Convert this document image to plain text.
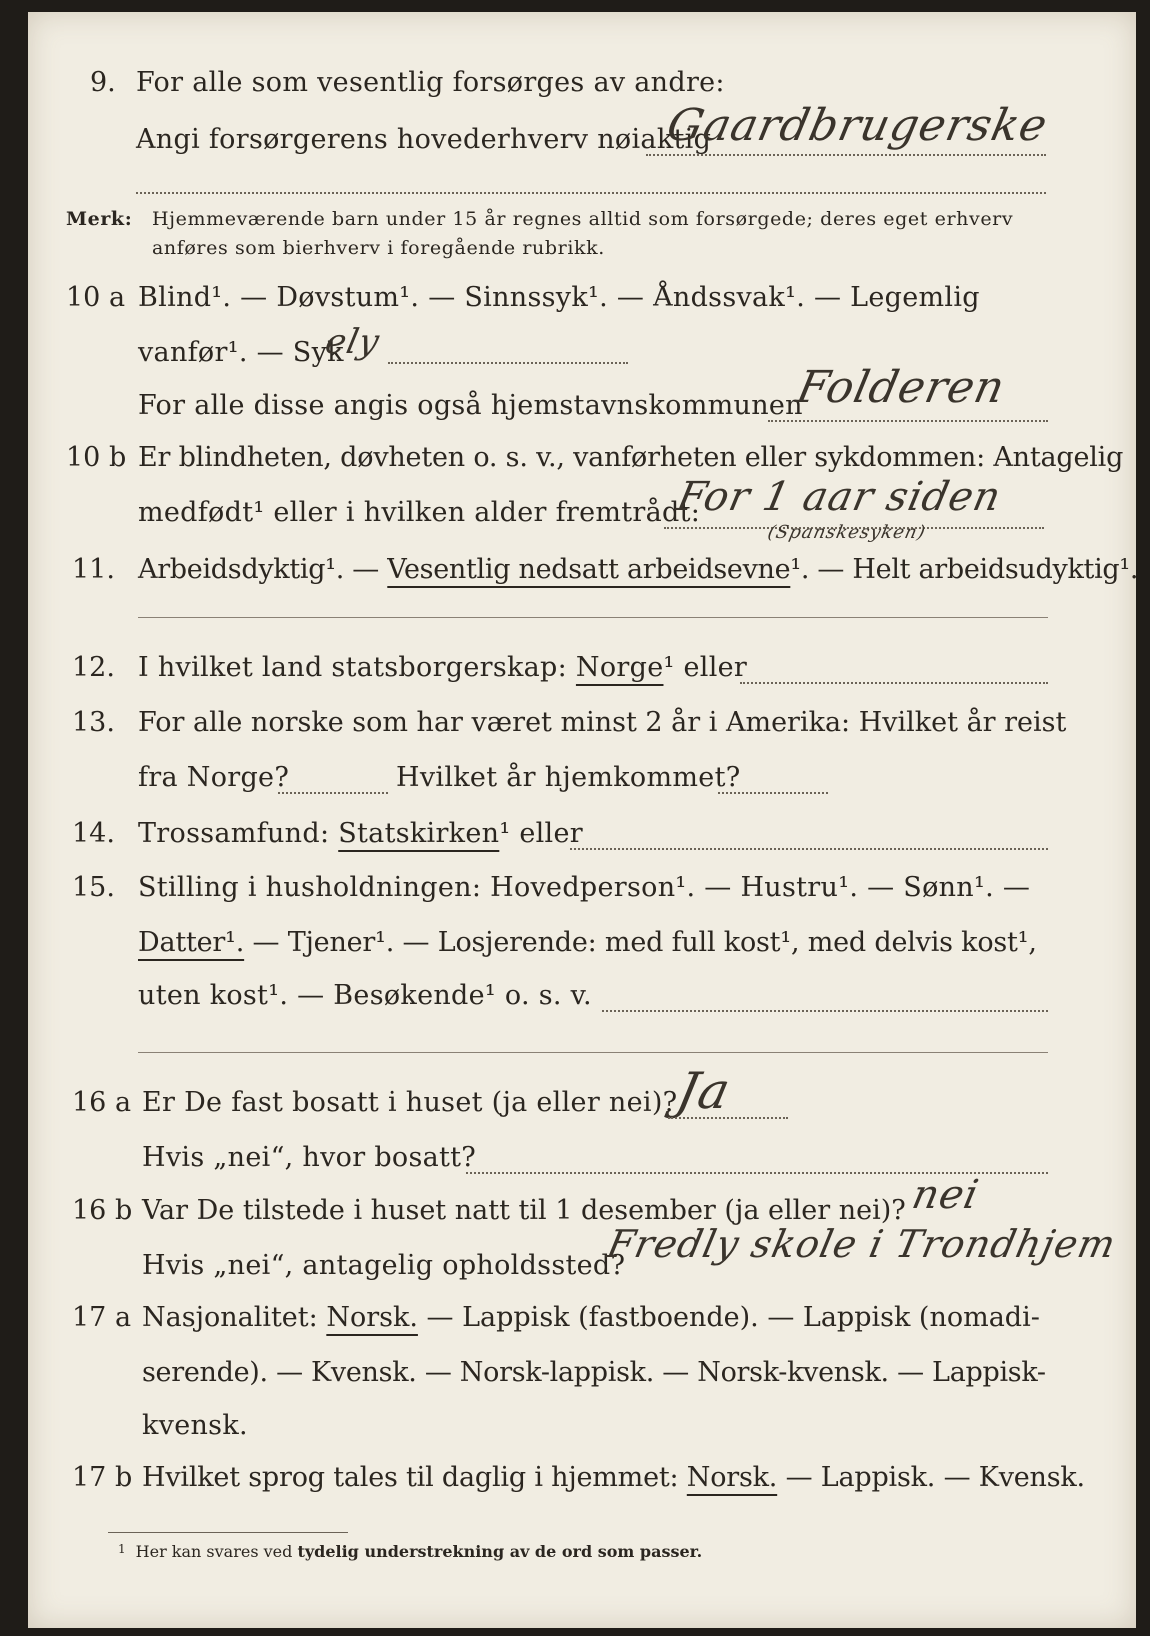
9. For alle som vesentlig forsørges av andre:
Angi forsørgerens hovederhverv nøiaktig
Gaardbrugerske
Merk: Hjemmeværende barn under 15 år regnes alltid som forsørgede; deres eget erhverv
anføres som bierhverv i foregående rubrikk.
10 a Blind¹. — Døvstum¹. — Sinnssyk¹. — Åndssvak¹. — Legemlig
vanfør¹. — Syk
ely
For alle disse angis også hjemstavnskommunen
Folderen
10 b Er blindheten, døvheten o. s. v., vanførheten eller sykdommen: Antagelig
medfødt¹ eller i hvilken alder fremtrådt:
For 1 aar siden
(Spanskesyken)
11. Arbeidsdyktig¹. — Vesentlig nedsatt arbeidsevne¹. — Helt arbeidsudyktig¹.
12. I hvilket land statsborgerskap: Norge¹ eller
13. For alle norske som har været minst 2 år i Amerika: Hvilket år reist
fra Norge?	Hvilket år hjemkommet?
14. Trossamfund: Statskirken¹ eller
15. Stilling i husholdningen: Hovedperson¹. — Hustru¹. — Sønn¹. —
Datter¹. — Tjener¹. — Losjerende: med full kost¹, med delvis kost¹,
uten kost¹. — Besøkende¹ o. s. v.
16 a Er De fast bosatt i huset (ja eller nei)?
Ja
Hvis „nei“, hvor bosatt?
16 b Var De tilstede i huset natt til 1 desember (ja eller nei)? nei
Hvis „nei“, antagelig opholdssted?
Fredly skole i Trondhjem
17 a Nasjonalitet: Norsk. — Lappisk (fastboende). — Lappisk (nomadi-
serende). — Kvensk. — Norsk-lappisk. — Norsk-kvensk. — Lappisk-
kvensk.
17 b Hvilket sprog tales til daglig i hjemmet: Norsk. — Lappisk. — Kvensk.
$^1$ Her kan svares ved tydelig understrekning av de ord som passer.
